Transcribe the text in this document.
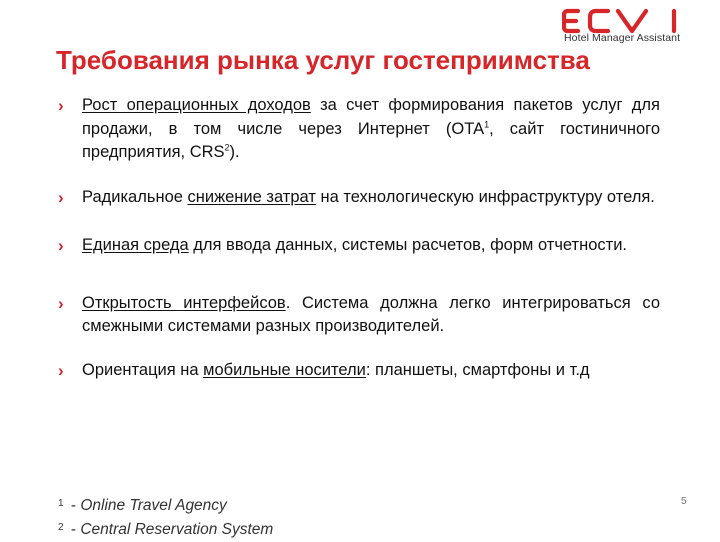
Hotel Manager Assistant
Требования рынка услуг гостеприимства
› Рост операционных доходов за счет формирования пакетов услуг для продажи, в том числе через Интернет (OTA$^1$, сайт гостиничного предприятия, CRS$^2$).
› Радикальное снижение затрат на технологическую инфраструктуру отеля.
› Единая среда для ввода данных, системы расчетов, форм отчетности.
› Открытость интерфейсов. Система должна легко интегрироваться со смежными системами разных производителей.
› Ориентация на мобильные носители: планшеты, смартфоны и т.д
$^1$ - Online Travel Agency
$^2$ - Central Reservation System
5
